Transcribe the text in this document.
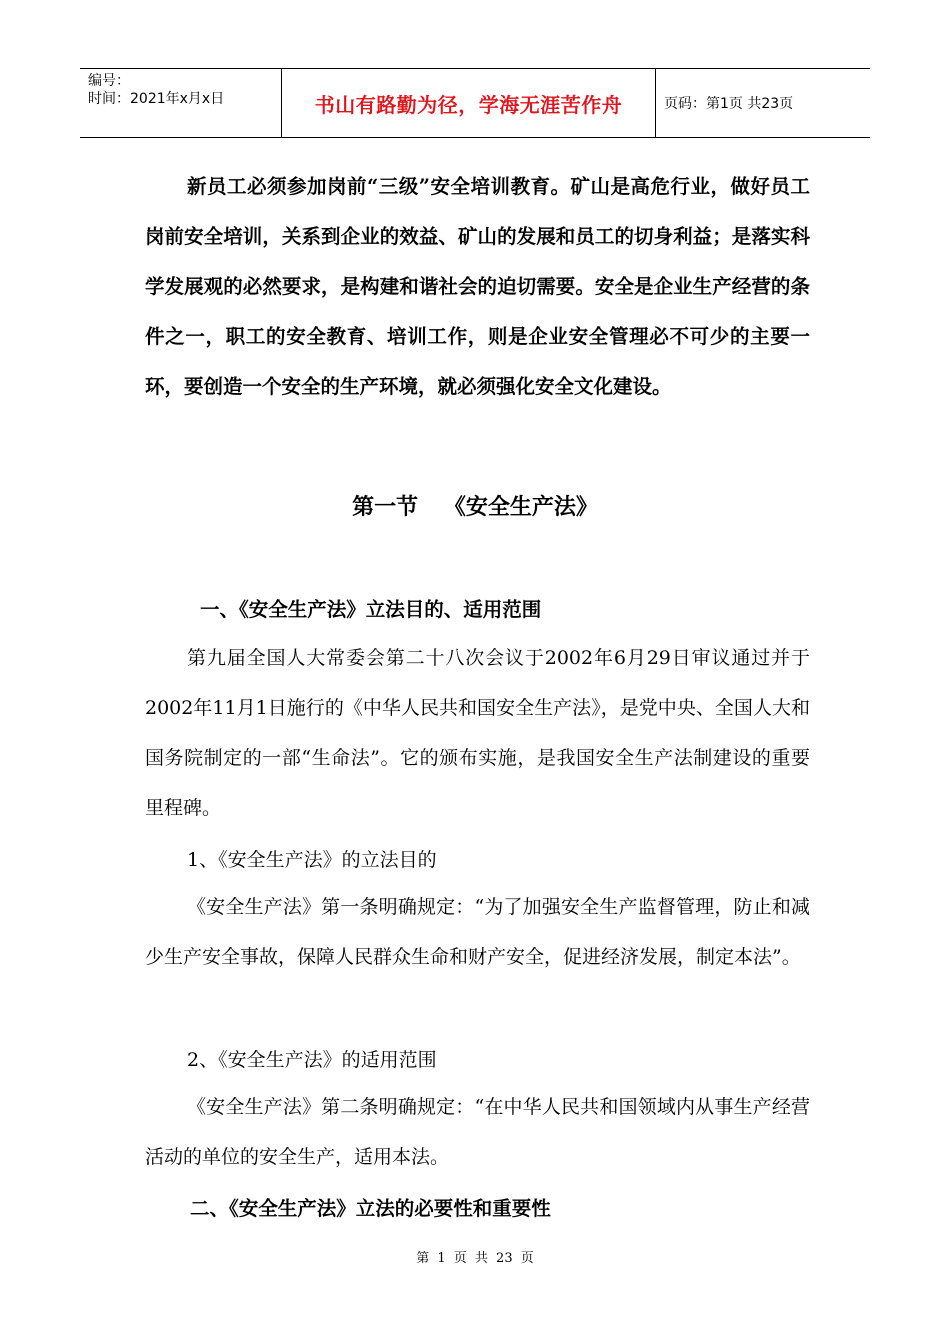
编号：
时间：2021年x月x日	书山有路勤为径，学海无涯苦作舟	页码：第1页 共23页

新员工必须参加岗前“三级”安全培训教育。矿山是高危行业，做好员工岗前安全培训，关系到企业的效益、矿山的发展和员工的切身利益；是落实科学发展观的必然要求，是构建和谐社会的迫切需要。安全是企业生产经营的条件之一，职工的安全教育、培训工作，则是企业安全管理必不可少的主要一环，要创造一个安全的生产环境，就必须强化安全文化建设。

第一节 《安全生产法》
一、《安全生产法》立法目的、适用范围

第九届全国人大常委会第二十八次会议于2002年6月29日审议通过并于2002年11月1日施行的《中华人民共和国安全生产法》，是党中央、全国人大和国务院制定的一部“生命法”。它的颁布实施，是我国安全生产法制建设的重要里程碑。

1、《安全生产法》的立法目的

《安全生产法》第一条明确规定：“为了加强安全生产监督管理，防止和减少生产安全事故，保障人民群众生命和财产安全，促进经济发展，制定本法”。

2、《安全生产法》的适用范围

《安全生产法》第二条明确规定：“在中华人民共和国领域内从事生产经营活动的单位的安全生产，适用本法。

二、《安全生产法》立法的必要性和重要性
第 1 页 共 23 页
